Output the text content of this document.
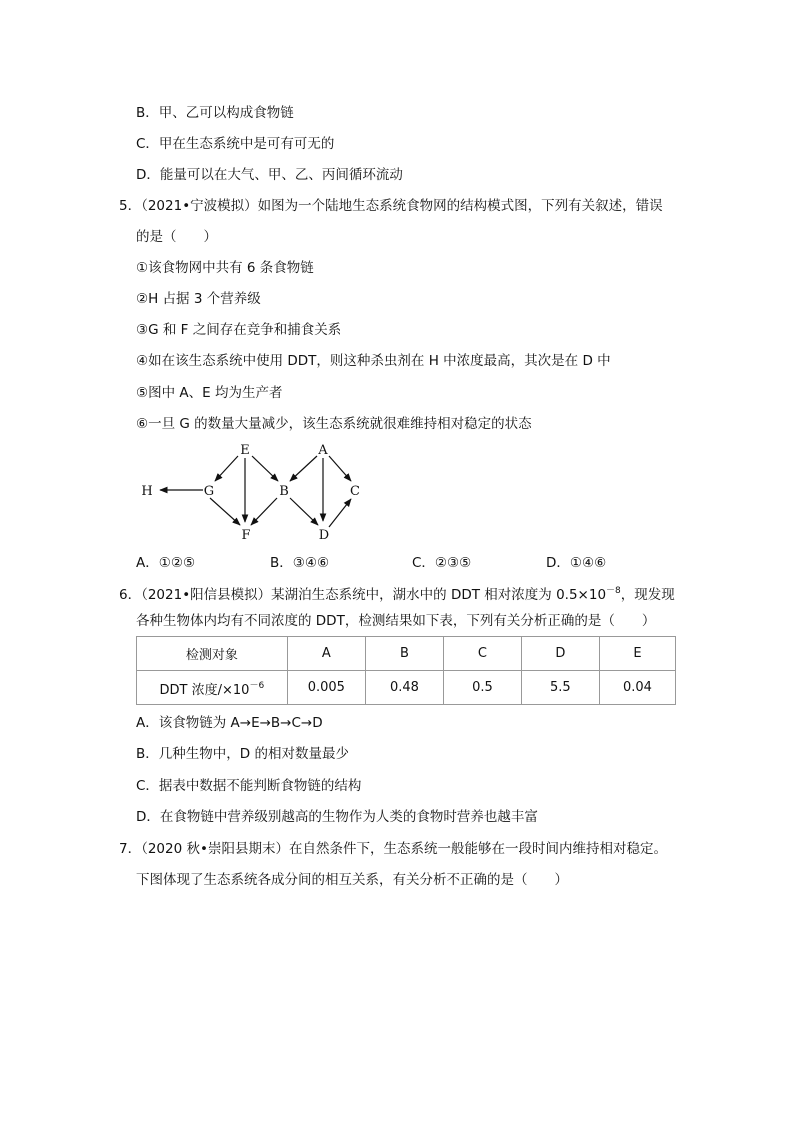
B．甲、乙可以构成食物链
C．甲在生态系统中是可有可无的
D．能量可以在大气、甲、乙、丙间循环流动
5．（2021•宁波模拟）如图为一个陆地生态系统食物网的结构模式图，下列有关叙述，错误
的是（　　）
①该食物网中共有 6 条食物链
②H 占据 3 个营养级
③G 和 F 之间存在竞争和捕食关系
④如在该生态系统中使用 DDT，则这种杀虫剂在 H 中浓度最高，其次是在 D 中
⑤图中 A、E 均为生产者
⑥一旦 G 的数量大量减少，该生态系统就很难维持相对稳定的状态
E	A
H	G	B	C
F	D
A．①②⑤	B．③④⑥	C．②③⑤	D．①④⑥
6．（2021•阳信县模拟）某湖泊生态系统中，湖水中的 DDT 相对浓度为 $0.5\times 10^{-8}$，现发现
各种生物体内均有不同浓度的 DDT，检测结果如下表，下列有关分析正确的是（　　）
检测对象	A	B	C	D	E
DDT 浓度$/\times 10^{-6}$	0.005	0.48	0.5	5.5	0.04
A．该食物链为 A→E→B→C→D
B．几种生物中，D 的相对数量最少
C．据表中数据不能判断食物链的结构
D．在食物链中营养级别越高的生物作为人类的食物时营养也越丰富
7．（2020 秋•崇阳县期末）在自然条件下，生态系统一般能够在一段时间内维持相对稳定。
下图体现了生态系统各成分间的相互关系，有关分析不正确的是（　　）
